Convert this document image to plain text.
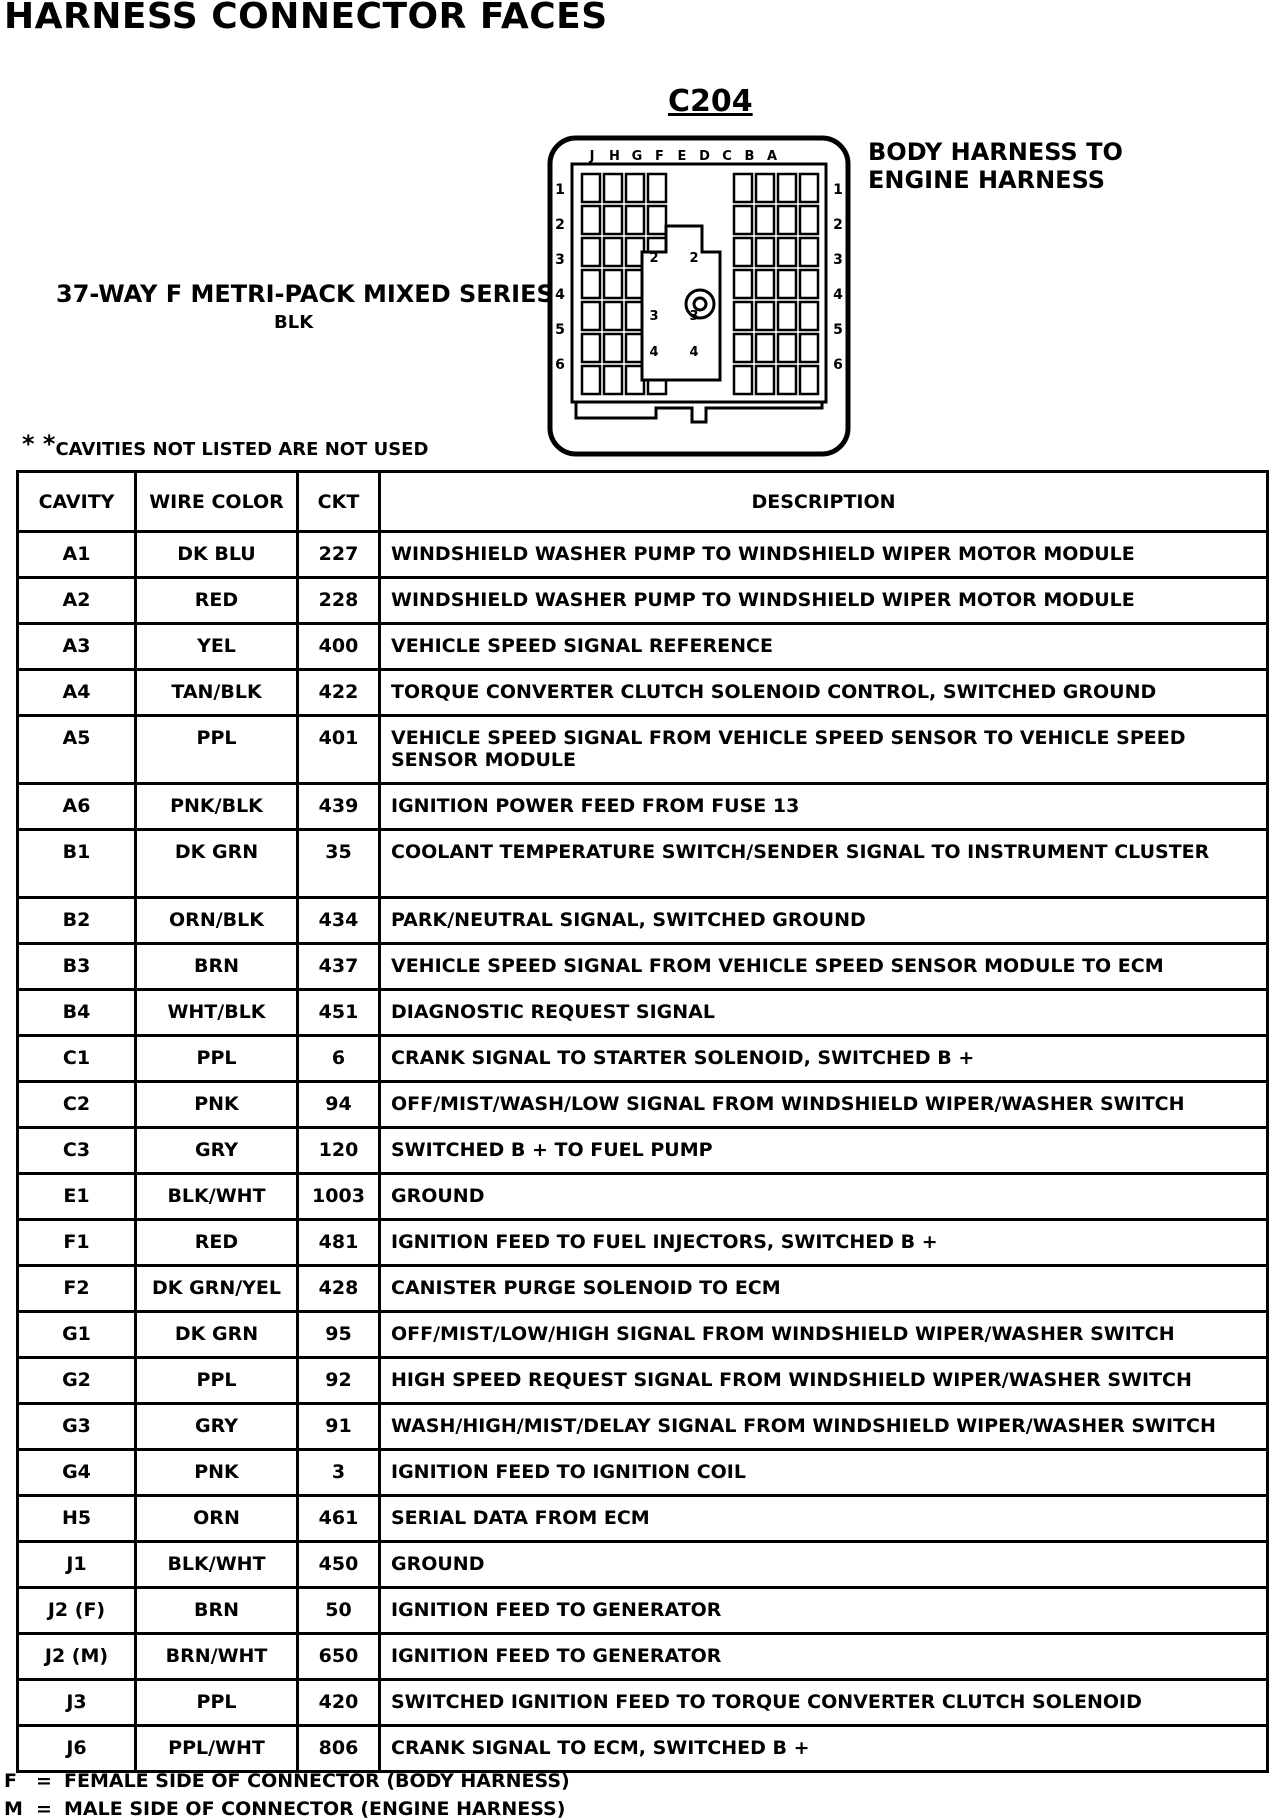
HARNESS CONNECTOR FACES
C204
BODY HARNESS TO
ENGINE HARNESS
37-WAY F METRI-PACK MIXED SERIES
BLK
* *CAVITIES NOT LISTED ARE NOT USED
J H G F E D C B A
1	1
2	2
3	3
4	4
5	5
6	6
2 2
3 3
4 4
CAVITY	WIRE COLOR	CKT	DESCRIPTION
A1	DK BLU	227	WINDSHIELD WASHER PUMP TO WINDSHIELD WIPER MOTOR MODULE
A2	RED	228	WINDSHIELD WASHER PUMP TO WINDSHIELD WIPER MOTOR MODULE
A3	YEL	400	VEHICLE SPEED SIGNAL REFERENCE
A4	TAN/BLK	422	TORQUE CONVERTER CLUTCH SOLENOID CONTROL, SWITCHED GROUND
A5	PPL	401	VEHICLE SPEED SIGNAL FROM VEHICLE SPEED SENSOR TO VEHICLE SPEED SENSOR MODULE
A6	PNK/BLK	439	IGNITION POWER FEED FROM FUSE 13
B1	DK GRN	35	COOLANT TEMPERATURE SWITCH/SENDER SIGNAL TO INSTRUMENT CLUSTER
B2	ORN/BLK	434	PARK/NEUTRAL SIGNAL, SWITCHED GROUND
B3	BRN	437	VEHICLE SPEED SIGNAL FROM VEHICLE SPEED SENSOR MODULE TO ECM
B4	WHT/BLK	451	DIAGNOSTIC REQUEST SIGNAL
C1	PPL	6	CRANK SIGNAL TO STARTER SOLENOID, SWITCHED B +
C2	PNK	94	OFF/MIST/WASH/LOW SIGNAL FROM WINDSHIELD WIPER/WASHER SWITCH
C3	GRY	120	SWITCHED B + TO FUEL PUMP
E1	BLK/WHT	1003	GROUND
F1	RED	481	IGNITION FEED TO FUEL INJECTORS, SWITCHED B +
F2	DK GRN/YEL	428	CANISTER PURGE SOLENOID TO ECM
G1	DK GRN	95	OFF/MIST/LOW/HIGH SIGNAL FROM WINDSHIELD WIPER/WASHER SWITCH
G2	PPL	92	HIGH SPEED REQUEST SIGNAL FROM WINDSHIELD WIPER/WASHER SWITCH
G3	GRY	91	WASH/HIGH/MIST/DELAY SIGNAL FROM WINDSHIELD WIPER/WASHER SWITCH
G4	PNK	3	IGNITION FEED TO IGNITION COIL
H5	ORN	461	SERIAL DATA FROM ECM
J1	BLK/WHT	450	GROUND
J2 (F)	BRN	50	IGNITION FEED TO GENERATOR
J2 (M)	BRN/WHT	650	IGNITION FEED TO GENERATOR
J3	PPL	420	SWITCHED IGNITION FEED TO TORQUE CONVERTER CLUTCH SOLENOID
J6	PPL/WHT	806	CRANK SIGNAL TO ECM, SWITCHED B +
F = FEMALE SIDE OF CONNECTOR (BODY HARNESS)
M = MALE SIDE OF CONNECTOR (ENGINE HARNESS)
